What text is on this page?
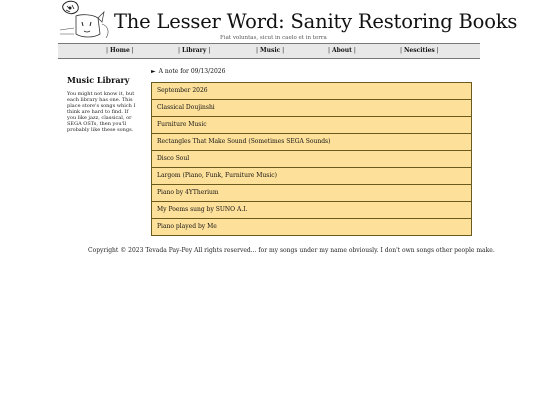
The Lesser Word: Sanity Restoring Books
Fiat voluntas, sicut in caelo et in terra
| Home |	| Library |	| Music |	| About |	| Nescities |
Music Library
You might not know it, but each library has one. This place store's songs which I think are hard to find. If you like jazz, classical, or SEGA OSTs, then you'll probably like these songs.
► A note for 09/13/2026
September 2026
Classical Doujinshi
Furniture Music
Rectangles That Make Sound (Sometimes SEGA Sounds)
Disco Soul
Largom (Piano, Funk, Furniture Music)
Piano by 4YTherium
My Poems sung by SUNO A.I.
Piano played by Me
Copyright © 2023 Tevada Pay-Pey All rights reserved... for my songs under my name obviously. I don't own songs other people make.
